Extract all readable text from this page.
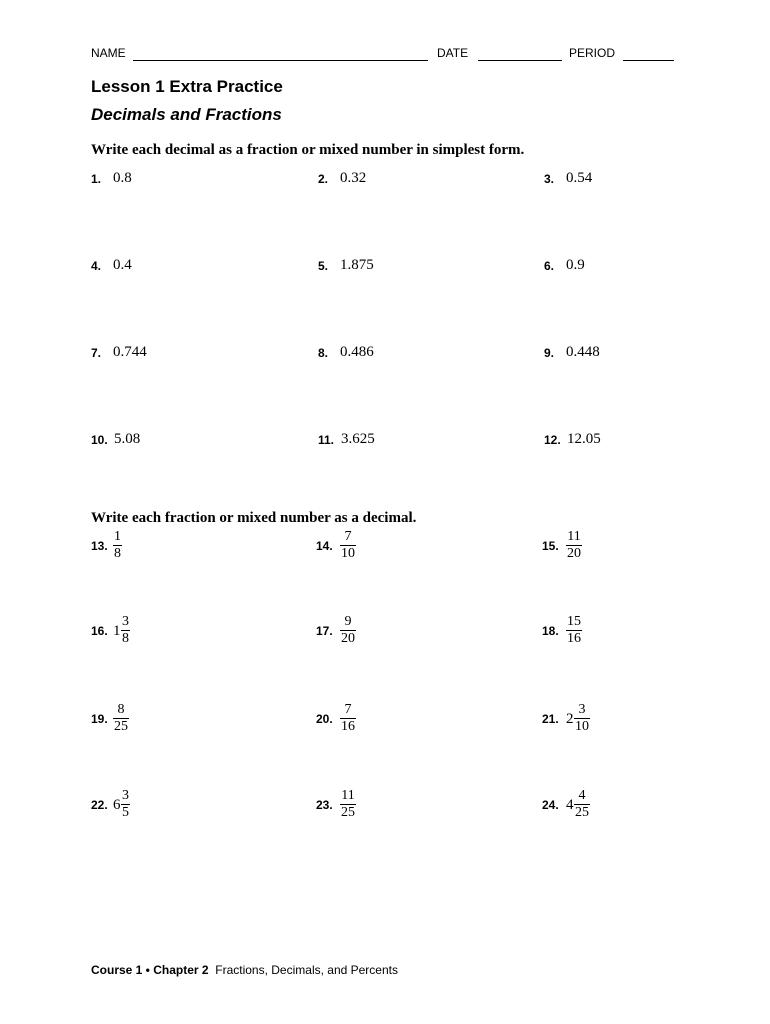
NAME	DATE	PERIOD
Lesson 1 Extra Practice
Decimals and Fractions
Write each decimal as a fraction or mixed number in simplest form.
1. 0.8	2. 0.32	3. 0.54
4. 0.4	5. 1.875	6. 0.9
7. 0.744	8. 0.486	9. 0.448
10. 5.08	11. 3.625	12. 12.05
Write each fraction or mixed number as a decimal.
13. $\frac{1}{8}$	14. $\frac{7}{10}$	15. $\frac{11}{20}$
16. $1 \frac{3}{8}$	17. $\frac{9}{20}$	18. $\frac{15}{16}$
19. $\frac{8}{25}$	20. $\frac{7}{16}$	21. $2 \frac{3}{10}$
22. $6 \frac{3}{5}$	23. $\frac{11}{25}$	24. $4 \frac{4}{25}$
Course 1 • Chapter 2 Fractions, Decimals, and Percents
